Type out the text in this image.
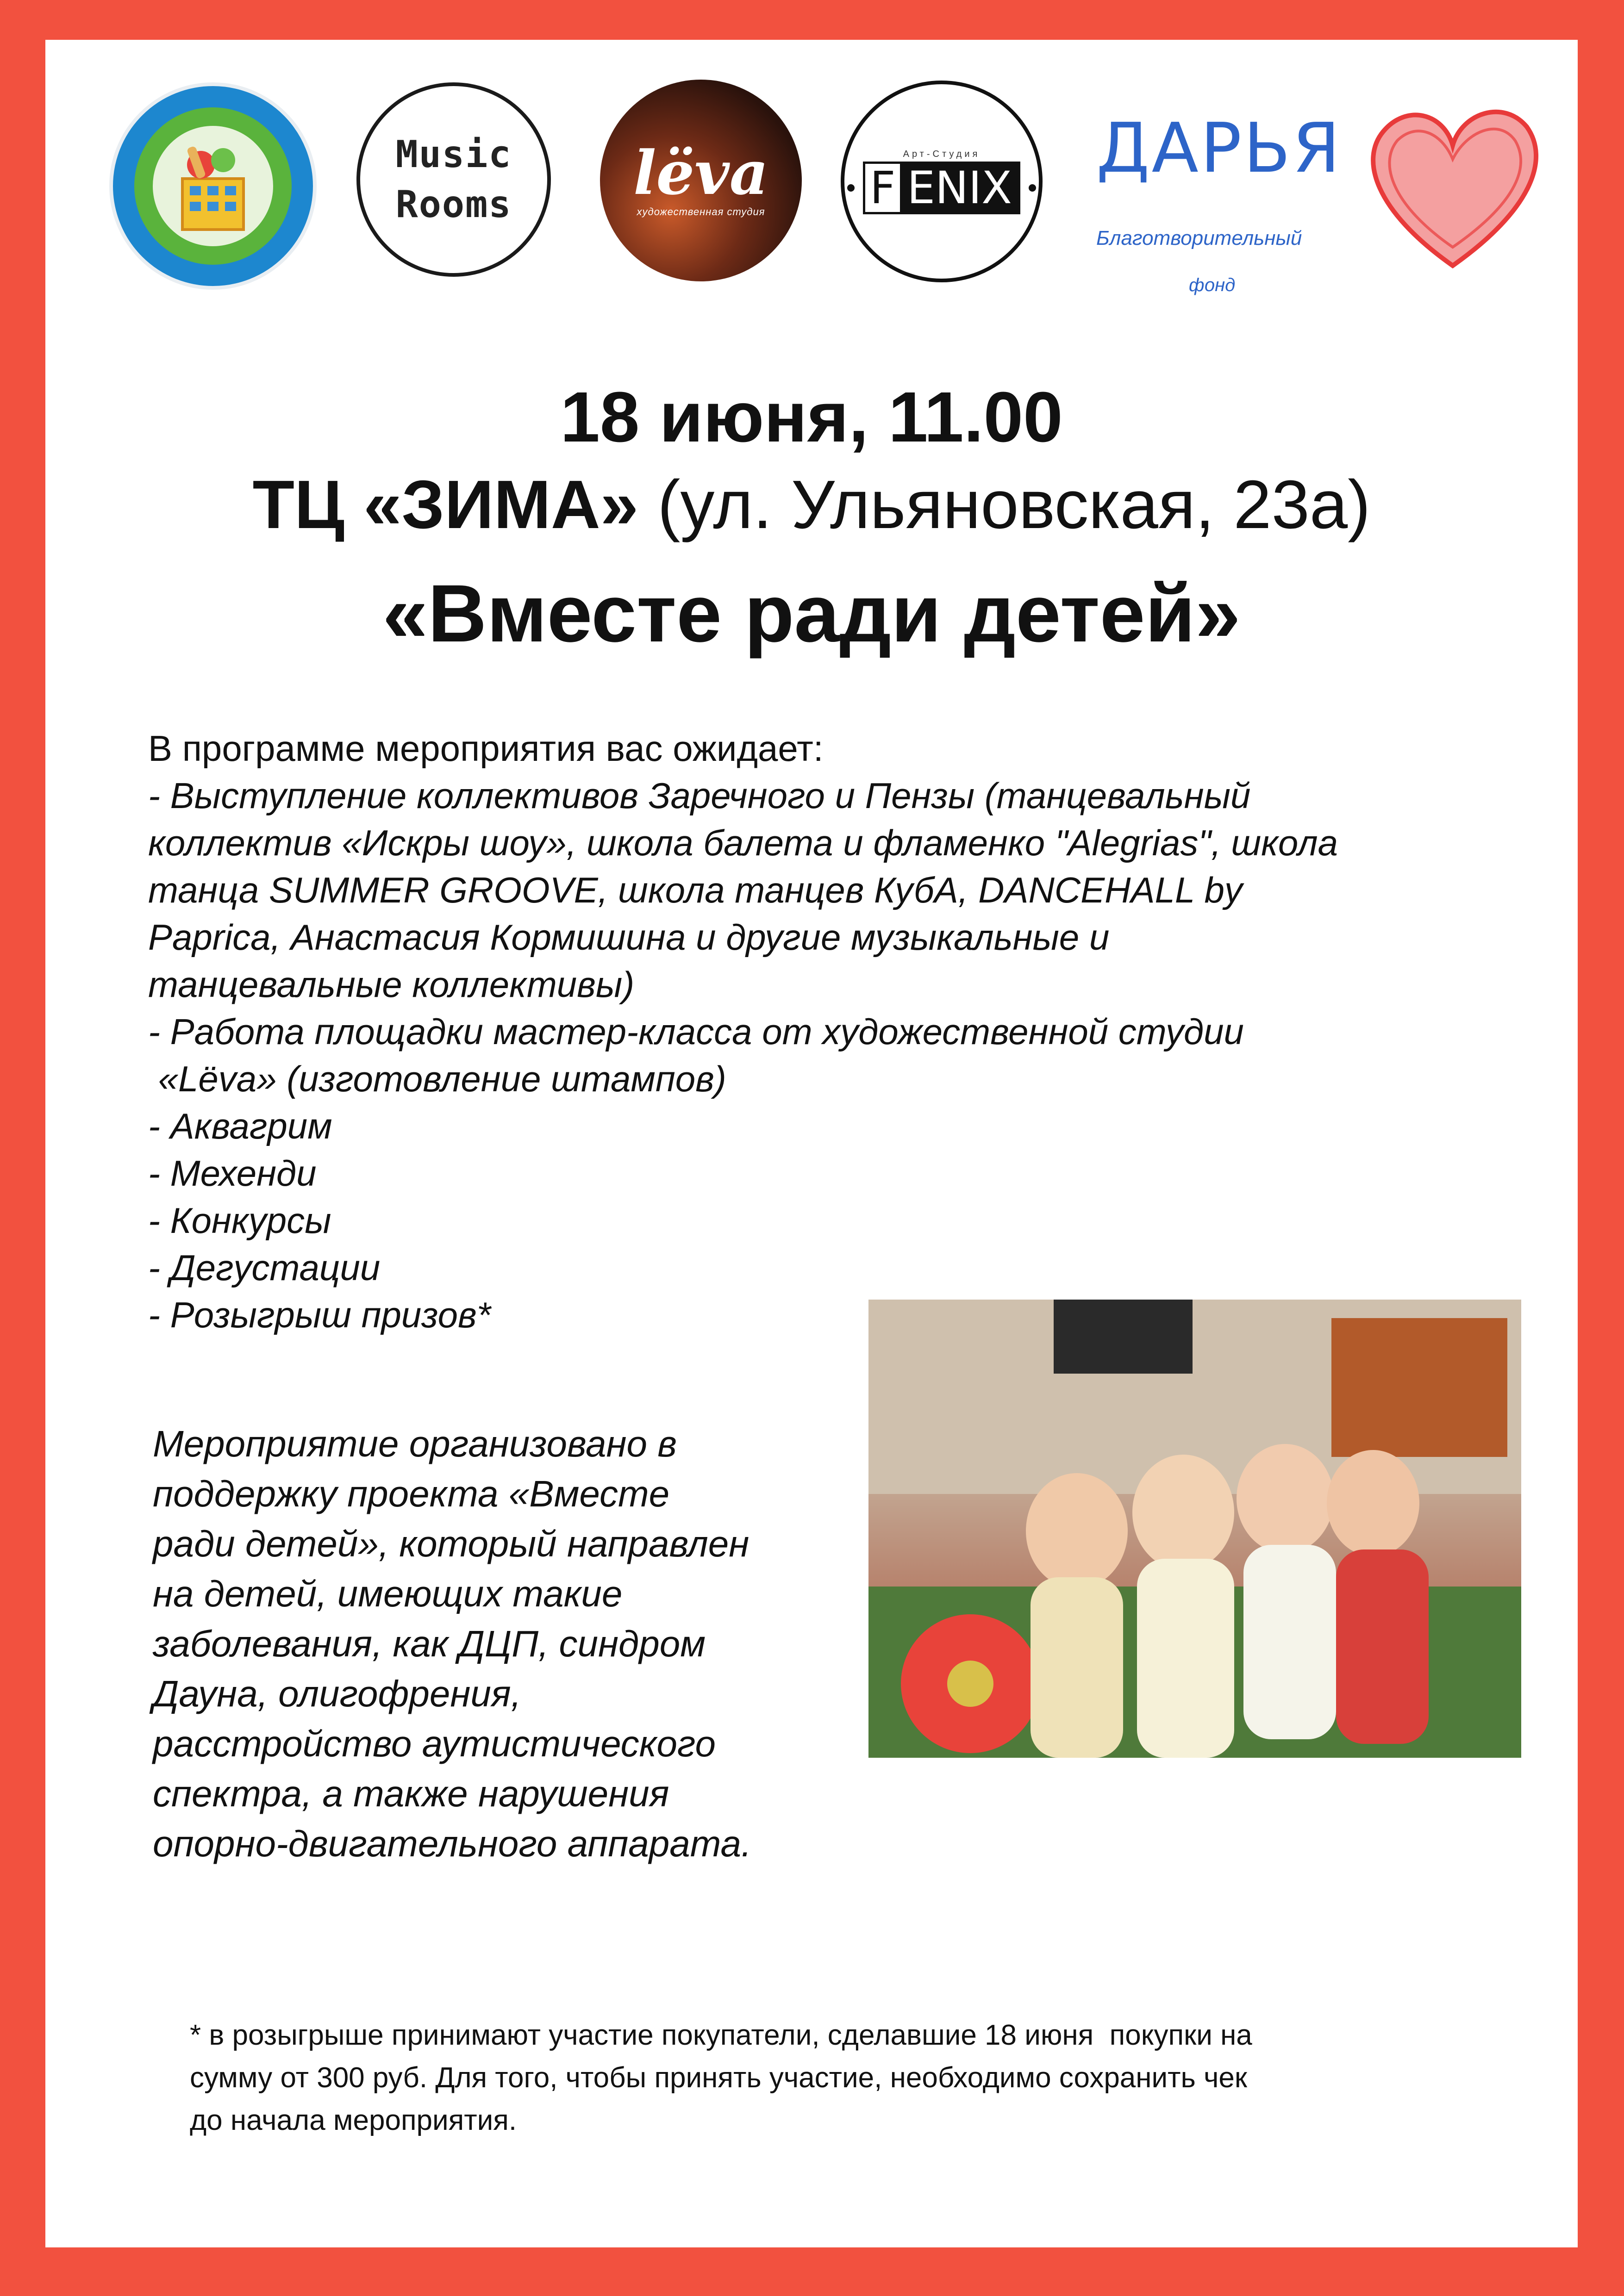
Music
Rooms lëva
художественная студия
Арт-Студия
F ENIX ДАРЬЯ
Благотворительный
фонд
18 июня, 11.00
ТЦ «ЗИМА» (ул. Ульяновская, 23а)
«Вместе ради детей»
В программе мероприятия вас ожидает:
- Выступление коллективов Заречного и Пензы (танцевальный
коллектив «Искры шоу», школа балета и фламенко "Alegrias", школа
танца SUMMER GROOVE, школа танцев КубА, DANCEHALL by
Paprica, Анастасия Кормишина и другие музыкальные и
танцевальные коллективы)
- Работа площадки мастер-класса от художественной студии
«Lëva» (изготовление штампов)
- Аквагрим
- Мехенди
- Конкурсы
- Дегустации
- Розыгрыш призов*
Мероприятие организовано в
поддержку проекта «Вместе
ради детей», который направлен
на детей, имеющих такие
заболевания, как ДЦП, синдром
Дауна, олигофрения,
расстройство аутистического
спектра, а также нарушения
опорно-двигательного аппарата.
* в розыгрыше принимают участие покупатели, сделавшие 18 июня  покупки на
сумму от 300 руб. Для того, чтобы принять участие, необходимо сохранить чек
до начала мероприятия.
